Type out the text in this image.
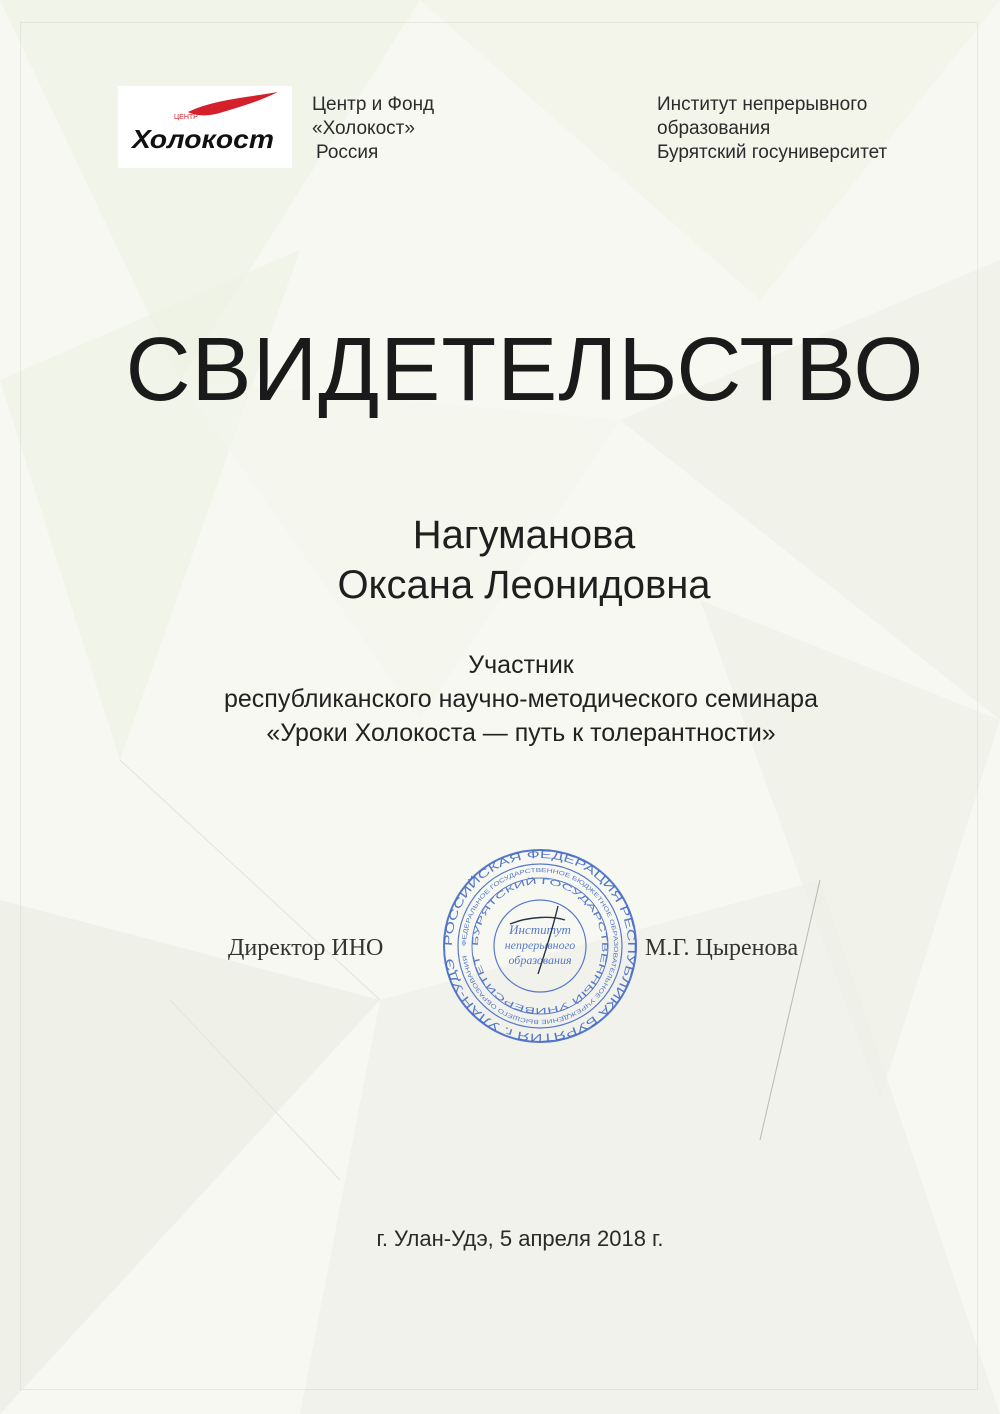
ЦЕНТР
Холокост
Центр и Фонд
«Холокост»
Россия
Институт непрерывного
образования
Бурятский госуниверситет
СВИДЕТЕЛЬСТВО
Нагуманова
Оксана Леонидовна
Участник
республиканского научно-методического семинара
«Уроки Холокоста — путь к толерантности»
Директор ИНО	РОССИЙСКАЯ ФЕДЕРАЦИЯ РЕСПУБЛИКА БУРЯТИЯ г. УЛАН-УДЭ
ФЕДЕРАЛЬНОЕ ГОСУДАРСТВЕННОЕ БЮДЖЕТНОЕ ОБРАЗОВАТЕЛЬНОЕ УЧРЕЖДЕНИЕ ВЫСШЕГО ОБРАЗОВАНИЯ
БУРЯТСКИЙ ГОСУДАРСТВЕННЫЙ УНИВЕРСИТЕТ
Институт
непрерывного
образования	М.Г. Цыренова
г. Улан-Удэ, 5 апреля 2018 г.
